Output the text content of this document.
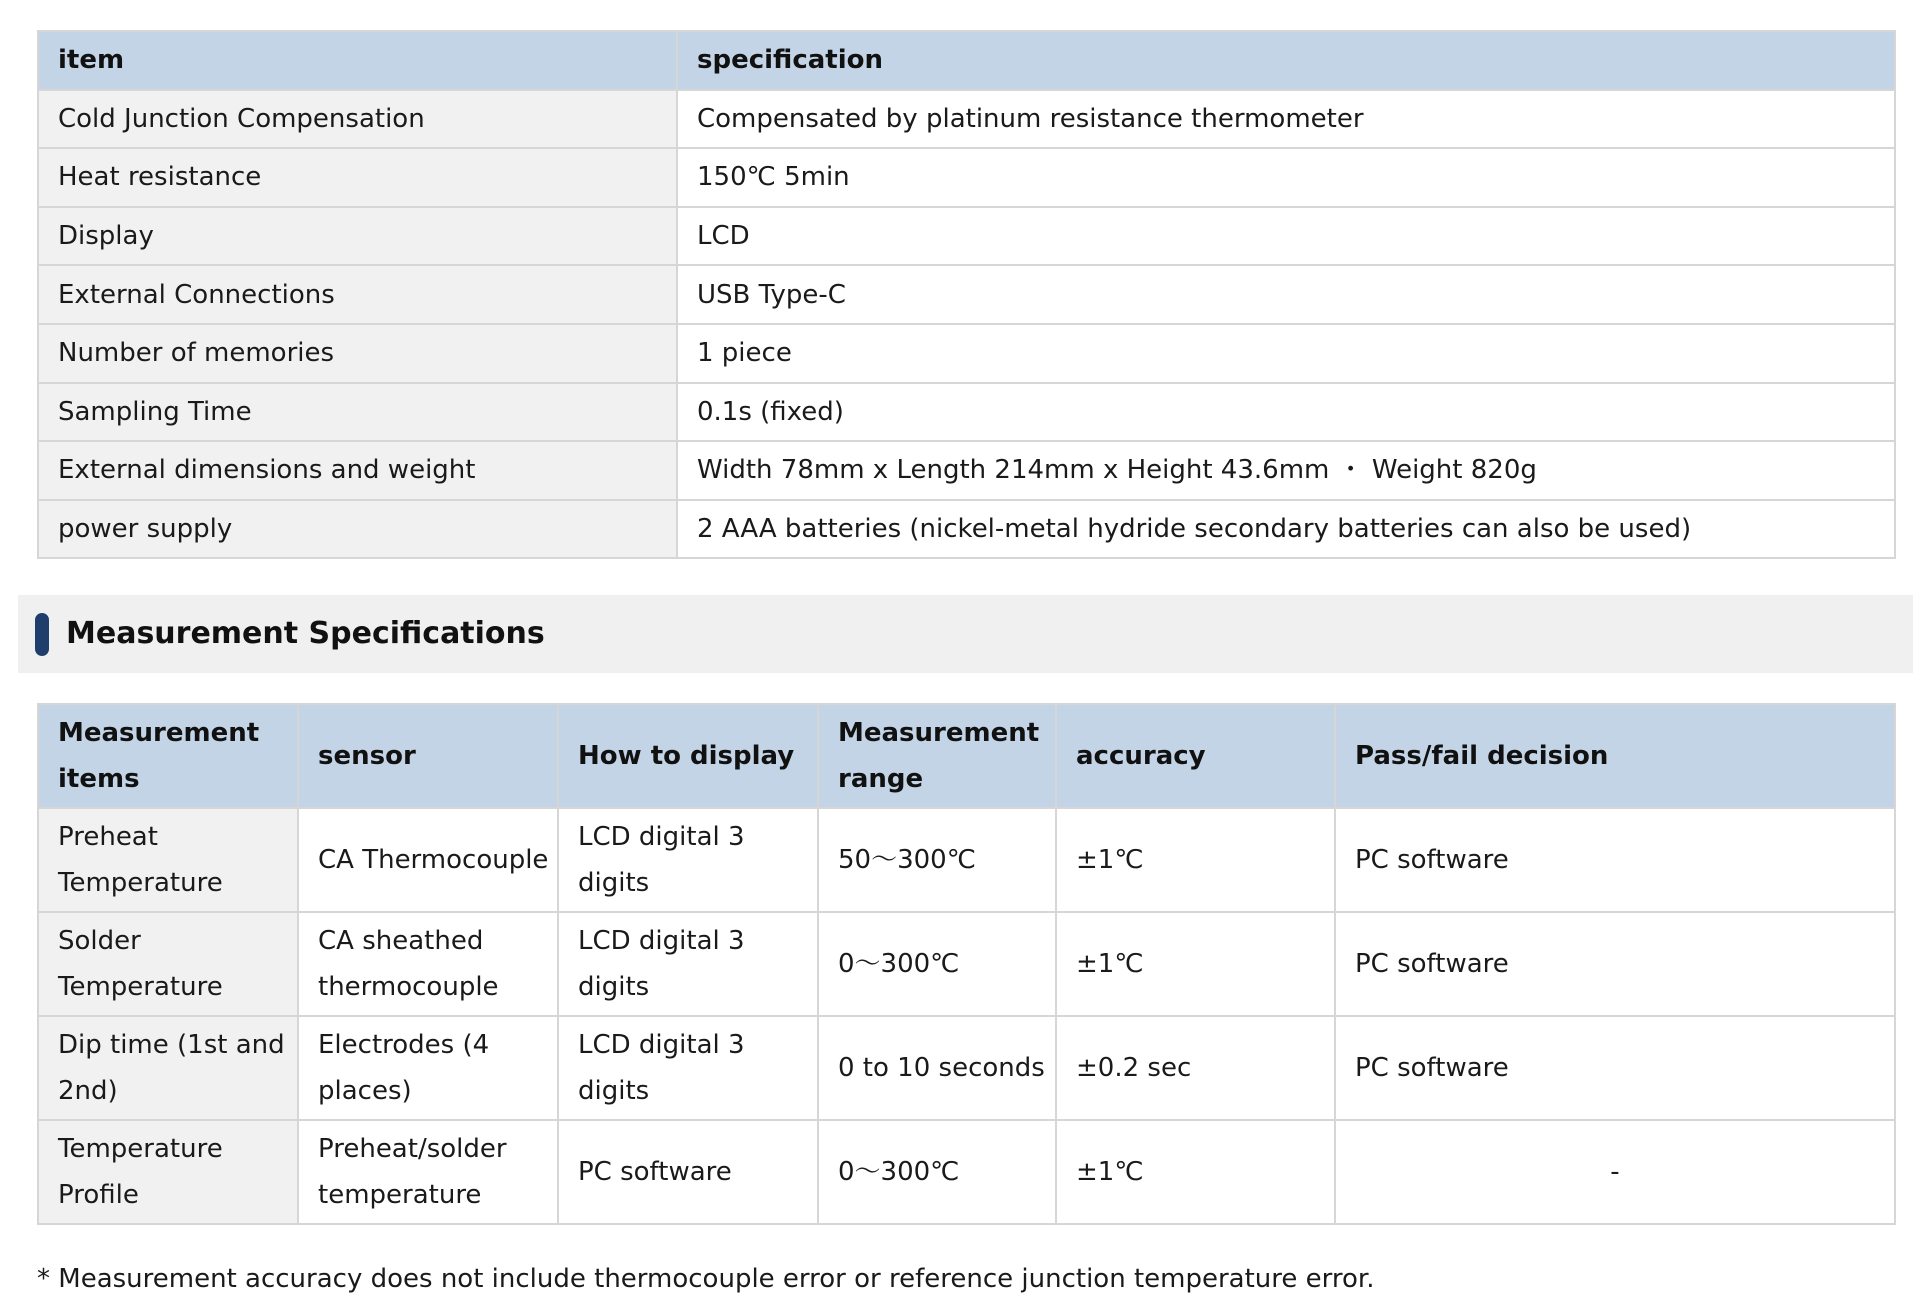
item	specification
Cold Junction Compensation	Compensated by platinum resistance thermometer
Heat resistance	150℃ 5min
Display	LCD
External Connections	USB Type-C
Number of memories	1 piece
Sampling Time	0.1s (fixed)
External dimensions and weight	Width 78mm x Length 214mm x Height 43.6mm ・ Weight 820g
power supply	2 AAA batteries (nickel-metal hydride secondary batteries can also be used)
Measurement Specifications
Measurement items	sensor	How to display	Measurement range	accuracy	Pass/fail decision
Preheat Temperature	CA Thermocouple	LCD digital 3 digits	50～300℃	±1℃	PC software
Solder Temperature	CA sheathed thermocouple	LCD digital 3 digits	0～300℃	±1℃	PC software
Dip time (1st and 2nd)	Electrodes (4 places)	LCD digital 3 digits	0 to 10 seconds	±0.2 sec	PC software
Temperature Profile	Preheat/solder temperature	PC software	0～300℃	±1℃	-
* Measurement accuracy does not include thermocouple error or reference junction temperature error.
